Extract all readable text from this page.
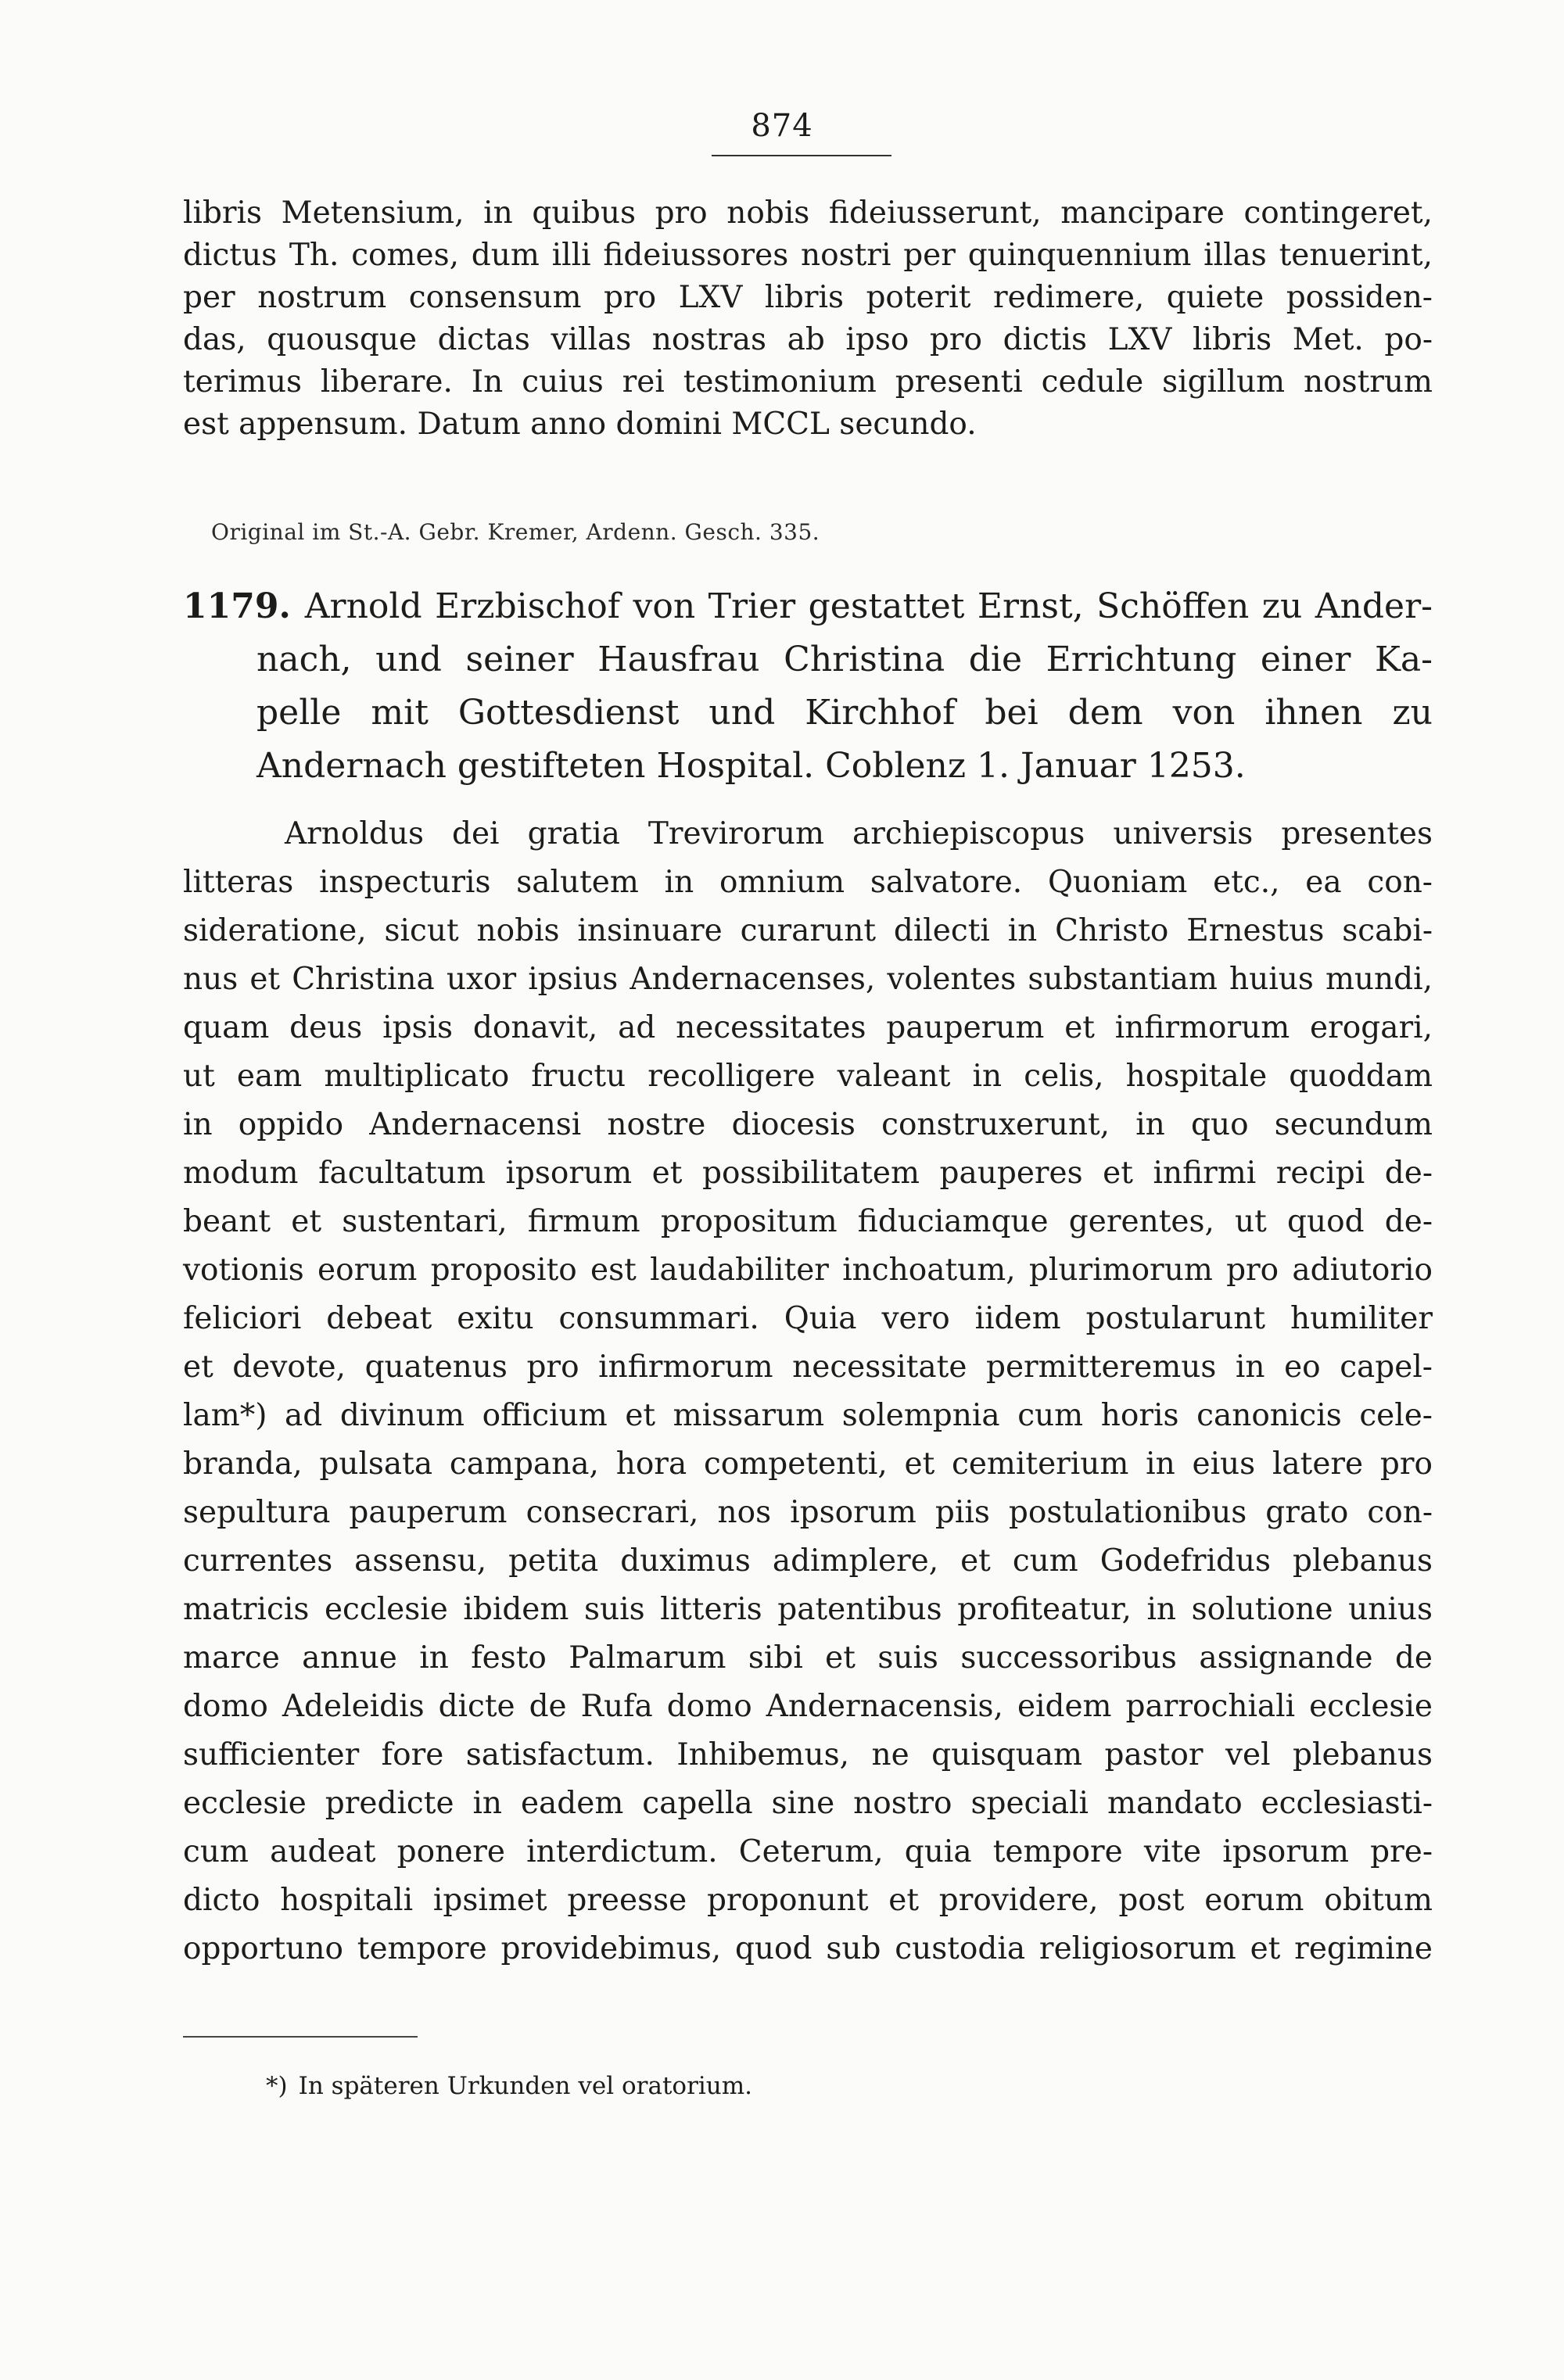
874
libris Metensium, in quibus pro nobis fideiusserunt, mancipare contingeret,
dictus Th. comes, dum illi fideiussores nostri per quinquennium illas tenuerint,
per nostrum consensum pro LXV libris poterit redimere, quiete possiden-
das, quousque dictas villas nostras ab ipso pro dictis LXV libris Met. po-
terimus liberare. In cuius rei testimonium presenti cedule sigillum nostrum
est appensum. Datum anno domini MCCL secundo.
Original im St.-A. Gebr. Kremer, Ardenn. Gesch. 335.
1179. Arnold Erzbischof von Trier gestattet Ernst, Schöffen zu Ander-
nach, und seiner Hausfrau Christina die Errichtung einer Ka-
pelle mit Gottesdienst und Kirchhof bei dem von ihnen zu
Andernach gestifteten Hospital. Coblenz 1. Januar 1253.
Arnoldus dei gratia Trevirorum archiepiscopus universis presentes
litteras inspecturis salutem in omnium salvatore. Quoniam etc., ea con-
sideratione, sicut nobis insinuare curarunt dilecti in Christo Ernestus scabi-
nus et Christina uxor ipsius Andernacenses, volentes substantiam huius mundi,
quam deus ipsis donavit, ad necessitates pauperum et infirmorum erogari,
ut eam multiplicato fructu recolligere valeant in celis, hospitale quoddam
in oppido Andernacensi nostre diocesis construxerunt, in quo secundum
modum facultatum ipsorum et possibilitatem pauperes et infirmi recipi de-
beant et sustentari, firmum propositum fiduciamque gerentes, ut quod de-
votionis eorum proposito est laudabiliter inchoatum, plurimorum pro adiutorio
feliciori debeat exitu consummari. Quia vero iidem postularunt humiliter
et devote, quatenus pro infirmorum necessitate permitteremus in eo capel-
lam*) ad divinum officium et missarum solempnia cum horis canonicis cele-
branda, pulsata campana, hora competenti, et cemiterium in eius latere pro
sepultura pauperum consecrari, nos ipsorum piis postulationibus grato con-
currentes assensu, petita duximus adimplere, et cum Godefridus plebanus
matricis ecclesie ibidem suis litteris patentibus profiteatur, in solutione unius
marce annue in festo Palmarum sibi et suis successoribus assignande de
domo Adeleidis dicte de Rufa domo Andernacensis, eidem parrochiali ecclesie
sufficienter fore satisfactum. Inhibemus, ne quisquam pastor vel plebanus
ecclesie predicte in eadem capella sine nostro speciali mandato ecclesiasti-
cum audeat ponere interdictum. Ceterum, quia tempore vite ipsorum pre-
dicto hospitali ipsimet preesse proponunt et providere, post eorum obitum
opportuno tempore providebimus, quod sub custodia religiosorum et regimine
*) In späteren Urkunden vel oratorium.
